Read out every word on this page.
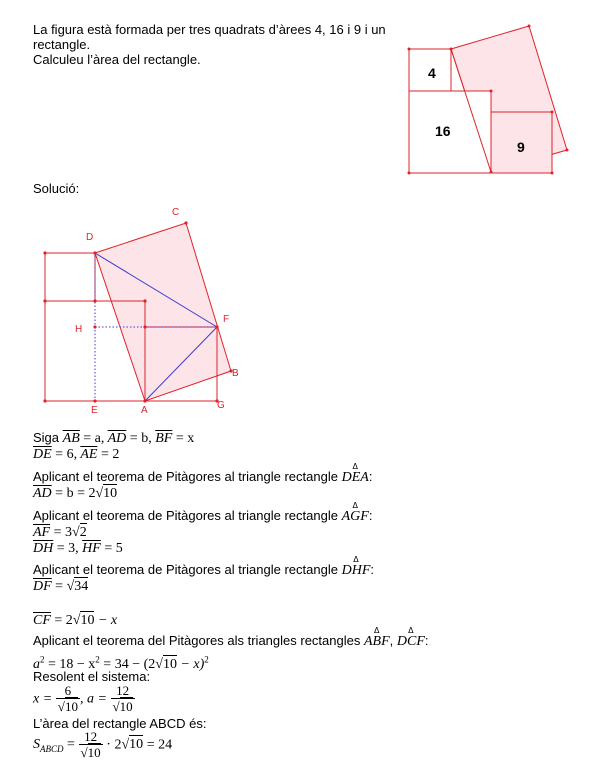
La figura està formada per tres quadrats d’àrees 4, 16 i 9 i un
rectangle.
Calculeu l’àrea del rectangle.
4
16
9
Solució:
C
D
H
F
B
E	A	G
Siga $\overline{AB} = a$, $\overline{AD} = b$, $\overline{BF} = x$
$\overline{DE} = 6$, $\overline{AE} = 2$
Aplicant el teorema de Pitàgores al triangle rectangle Δ DEA:
$\overline{AD} = b = 2√10$
Aplicant el teorema de Pitàgores al triangle rectangle Δ AGF:
$\overline{AF} = 3√2$
$\overline{DH} = 3$, $\overline{HF} = 5$
Aplicant el teorema de Pitàgores al triangle rectangle Δ DHF:
$\overline{DF} = √34$
$\overline{CF} = 2√10 - x$
Aplicant el teorema del Pitàgores als triangles rectangles Δ ABF, Δ DCF:
$a^2 = 18 - x^2 = 34 - (2√10 - x)^2$
Resolent el sistema:
$x = \frac{6}{√10}$ , $a = \frac{12}{√10}$
L’àrea del rectangle ABCD és:
$S_{ABCD} = \frac{12}{√10} \cdot 2√10 = 24$
